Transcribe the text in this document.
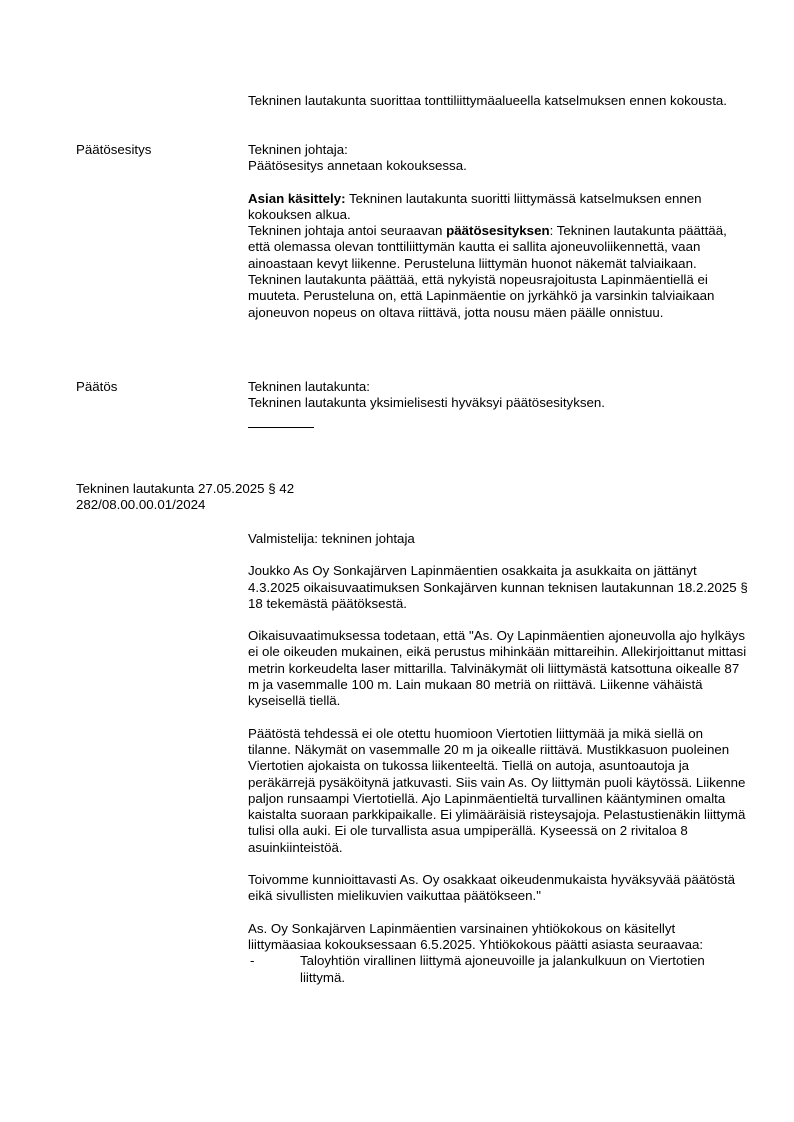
Tekninen lautakunta suorittaa tonttiliittymäalueella katselmuksen ennen kokousta.
Päätösesitys	Tekninen johtaja:

Päätösesitys annetaan kokouksessa.

Asian käsittely: Tekninen lautakunta suoritti liittymässä katselmuksen ennen kokouksen alkua.

Tekninen johtaja antoi seuraavan päätösesityksen: Tekninen lautakunta päättää, että olemassa olevan tonttiliittymän kautta ei sallita ajoneuvoliikennettä, vaan ainoastaan kevyt liikenne. Perusteluna liittymän huonot näkemät talviaikaan.

Tekninen lautakunta päättää, että nykyistä nopeusrajoitusta Lapinmäentiellä ei muuteta. Perusteluna on, että Lapinmäentie on jyrkähkö ja varsinkin talviaikaan ajoneuvon nopeus on oltava riittävä, jotta nousu mäen päälle onnistuu.

Päätös	Tekninen lautakunta:

Tekninen lautakunta yksimielisesti hyväksyi päätösesityksen.

Tekninen lautakunta 27.05.2025 § 42
282/08.00.00.01/2024

Valmistelija: tekninen johtaja

Joukko As Oy Sonkajärven Lapinmäentien osakkaita ja asukkaita on jättänyt 4.3.2025 oikaisuvaatimuksen Sonkajärven kunnan teknisen lautakunnan 18.2.2025 § 18 tekemästä päätöksestä.

Oikaisuvaatimuksessa todetaan, että "As. Oy Lapinmäentien ajoneuvolla ajo hylkäys ei ole oikeuden mukainen, eikä perustus mihinkään mittareihin. Allekirjoittanut mittasi metrin korkeudelta laser mittarilla. Talvinäkymät oli liittymästä katsottuna oikealle 87 m ja vasemmalle 100 m. Lain mukaan 80 metriä on riittävä. Liikenne vähäistä kyseisellä tiellä.

Päätöstä tehdessä ei ole otettu huomioon Viertotien liittymää ja mikä siellä on tilanne. Näkymät on vasemmalle 20 m ja oikealle riittävä. Mustikkasuon puoleinen Viertotien ajokaista on tukossa liikenteeltä. Tiellä on autoja, asuntoautoja ja peräkärrejä pysäköitynä jatkuvasti. Siis vain As. Oy liittymän puoli käytössä. Liikenne paljon runsaampi Viertotiellä. Ajo Lapinmäentieltä turvallinen kääntyminen omalta kaistalta suoraan parkkipaikalle. Ei ylimääräisiä risteysajoja. Pelastustienäkin liittymä tulisi olla auki. Ei ole turvallista asua umpiperällä. Kyseessä on 2 rivitaloa 8 asuinkiinteistöä.

Toivomme kunnioittavasti As. Oy osakkaat oikeudenmukaista hyväksyvää päätöstä eikä sivullisten mielikuvien vaikuttaa päätökseen."

As. Oy Sonkajärven Lapinmäentien varsinainen yhtiökokous on käsitellyt liittymäasiaa kokouksessaan 6.5.2025. Yhtiökokous päätti asiasta seuraavaa:

-	Taloyhtiön virallinen liittymä ajoneuvoille ja jalankulkuun on Viertotien liittymä.
